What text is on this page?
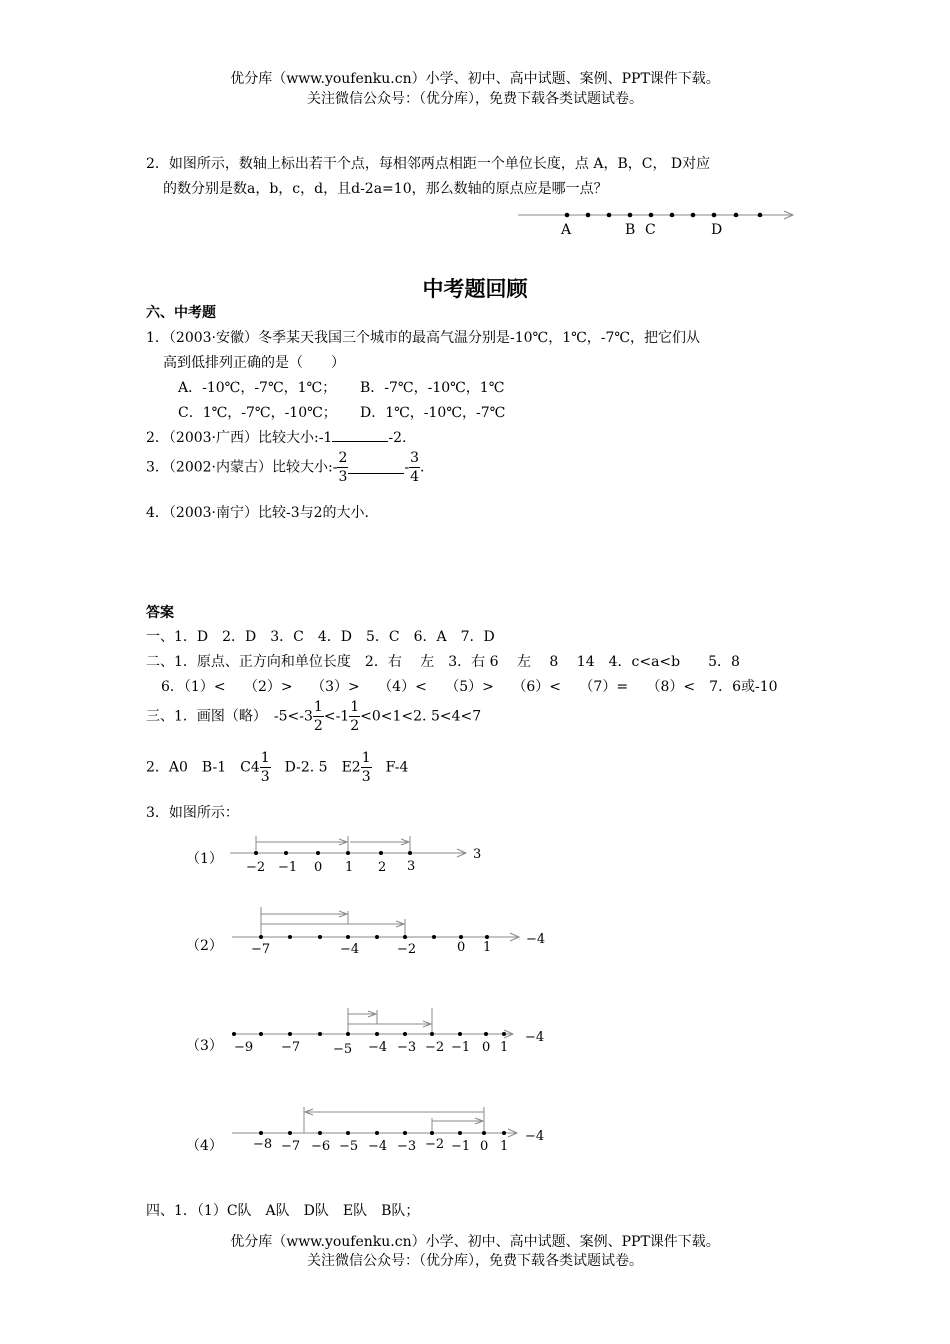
优分库（www.youfenku.cn）小学、初中、高中试题、案例、PPT课件下载。
关注微信公众号：（优分库），免费下载各类试题试卷。
2．如图所示，数轴上标出若干个点，每相邻两点相距一个单位长度，点 A，B，C， D对应
的数分别是数a，b，c，d，且d-2a=10，那么数轴的原点应是哪一点？
A	B C	D
中考题回顾
六、中考题
1．（2003·安徽）冬季某天我国三个城市的最高气温分别是-10℃，1℃，-7℃，把它们从
高到低排列正确的是（　　）
A．-10℃，-7℃，1℃； B．-7℃，-10℃，1℃
C．1℃，-7℃，-10℃； D．1℃，-10℃，-7℃
2．（2003·广西）比较大小:-1	-2.
3．（2002·内蒙古）比较大小:- $\frac{2}{3}$	- $\frac{3}{4}$ .
4．（2003·南宁）比较-3与2的大小.
答案
一、1．D　2．D　3．C　4．D　5．C　6．A　7．D
二、1．原点、正方向和单位长度　2．右　 左　3．右 6　 左　 8　 14　4．c<a<b　　5．8
6．（1）<　 （2）>　 （3）>　 （4）<　 （5）>　 （6）<　 （7）=　 （8）<　7．6或-10
三、1．画图（略）　$-5<-3 \frac{1}{2} <-1 \frac{1}{2} <0<1<2$. 5<4<7
2．A0　B-1　$C4 \frac{1}{3}$ 　D-2. 5　$E2 \frac{1}{3}$ 　F-4
3．如图所示：
（1）
−2 −1 0 1 2 3
3
（2） −7	−4	−2	0 1
−4
（3） −9 −7	−5 −4 −3 −2 −1 0 1
−4
（4） −8 −7 −6 −5 −4 −3 −2 −1 0 1
−4
四、1．（1）C队　A队　D队　E队　B队；
优分库（www.youfenku.cn）小学、初中、高中试题、案例、PPT课件下载。
关注微信公众号：（优分库），免费下载各类试题试卷。
